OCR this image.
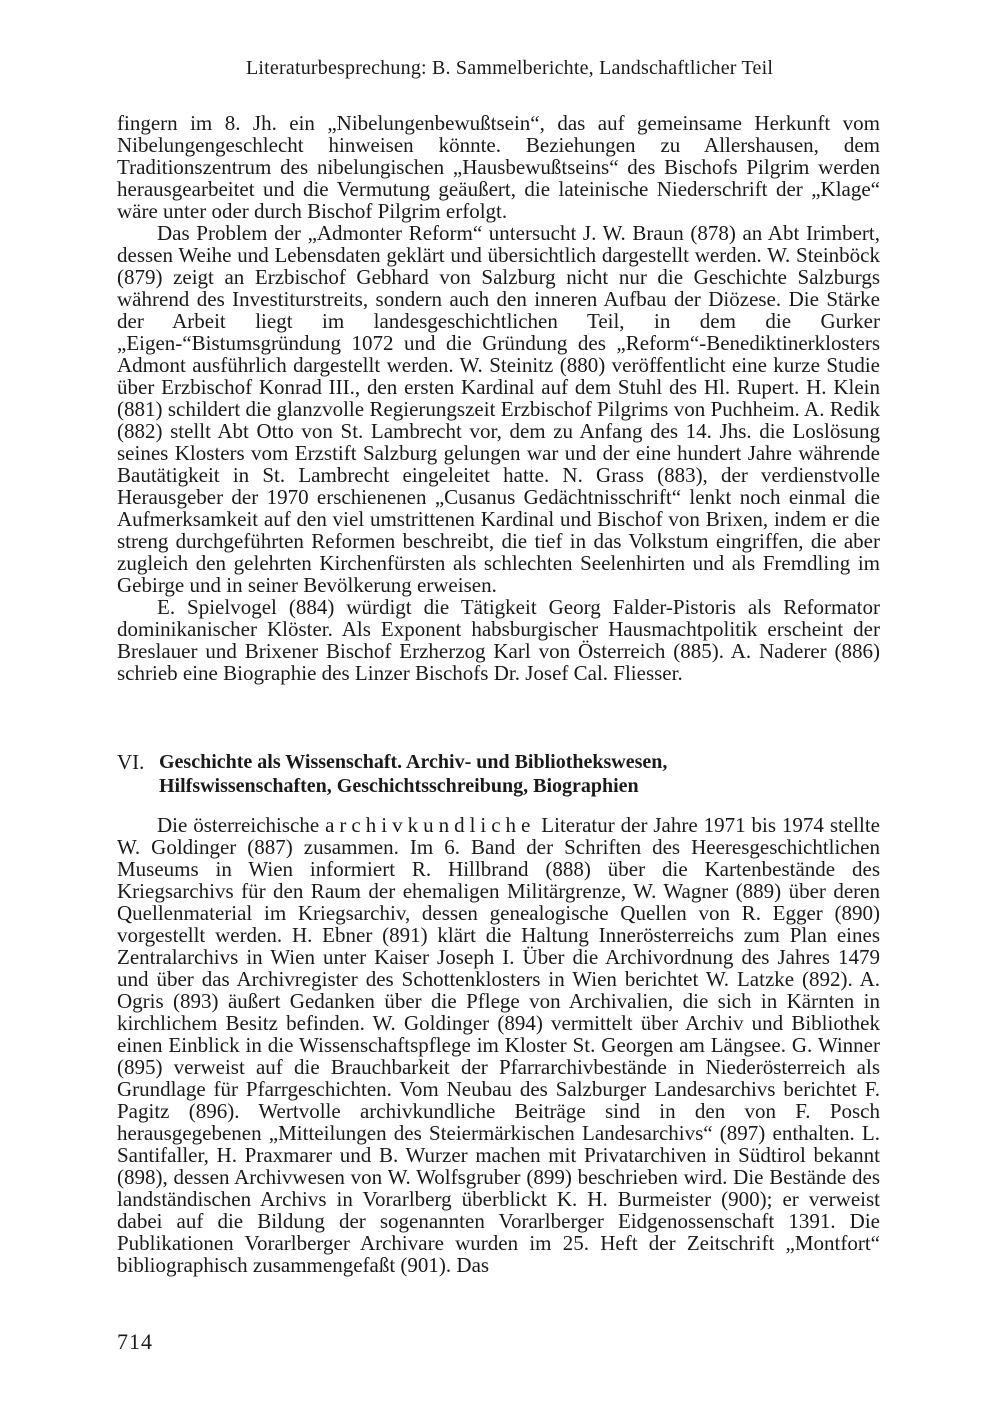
Literaturbesprechung: B. Sammelberichte, Landschaftlicher Teil

fingern im 8. Jh. ein „Nibelungenbewußtsein“, das auf gemeinsame Herkunft vom Nibelungengeschlecht hinweisen könnte. Beziehungen zu Allershausen, dem Traditionszentrum des nibelungischen „Hausbewußtseins“ des Bischofs Pilgrim werden herausgearbeitet und die Vermutung geäußert, die lateinische Niederschrift der „Klage“ wäre unter oder durch Bischof Pilgrim erfolgt.

Das Problem der „Admonter Reform“ untersucht J. W. Braun (878) an Abt Irimbert, dessen Weihe und Lebensdaten geklärt und übersichtlich dargestellt werden. W. Steinböck (879) zeigt an Erzbischof Gebhard von Salzburg nicht nur die Geschichte Salzburgs während des Investiturstreits, sondern auch den inneren Aufbau der Diözese. Die Stärke der Arbeit liegt im landesgeschichtlichen Teil, in dem die Gurker „Eigen-“Bistumsgründung 1072 und die Gründung des „Reform“-Benediktinerklosters Admont ausführlich dargestellt werden. W. Steinitz (880) veröffentlicht eine kurze Studie über Erzbischof Konrad III., den ersten Kardinal auf dem Stuhl des Hl. Rupert. H. Klein (881) schildert die glanzvolle Regierungszeit Erzbischof Pilgrims von Puchheim. A. Redik (882) stellt Abt Otto von St. Lambrecht vor, dem zu Anfang des 14. Jhs. die Loslösung seines Klosters vom Erzstift Salzburg gelungen war und der eine hundert Jahre währende Bautätigkeit in St. Lambrecht eingeleitet hatte. N. Grass (883), der verdienstvolle Herausgeber der 1970 erschienenen „Cusanus Gedächtnisschrift“ lenkt noch einmal die Aufmerksamkeit auf den viel umstrittenen Kardinal und Bischof von Brixen, indem er die streng durchgeführten Reformen beschreibt, die tief in das Volkstum eingriffen, die aber zugleich den gelehrten Kirchenfürsten als schlechten Seelenhirten und als Fremdling im Gebirge und in seiner Bevölkerung erweisen.

E. Spielvogel (884) würdigt die Tätigkeit Georg Falder-Pistoris als Reformator dominikanischer Klöster. Als Exponent habsburgischer Hausmachtpolitik erscheint der Breslauer und Brixener Bischof Erzherzog Karl von Österreich (885). A. Naderer (886) schrieb eine Biographie des Linzer Bischofs Dr. Josef Cal. Fliesser.

VI. Geschichte als Wissenschaft. Archiv- und Bibliothekswesen,
Hilfswissenschaften, Geschichtsschreibung, Biographien

Die österreichische archivkundliche Literatur der Jahre 1971 bis 1974 stellte W. Goldinger (887) zusammen. Im 6. Band der Schriften des Heeresgeschichtlichen Museums in Wien informiert R. Hillbrand (888) über die Kartenbestände des Kriegsarchivs für den Raum der ehemaligen Militärgrenze, W. Wagner (889) über deren Quellenmaterial im Kriegsarchiv, dessen genealogische Quellen von R. Egger (890) vorgestellt werden. H. Ebner (891) klärt die Haltung Innerösterreichs zum Plan eines Zentralarchivs in Wien unter Kaiser Joseph I. Über die Archivordnung des Jahres 1479 und über das Archivregister des Schottenklosters in Wien berichtet W. Latzke (892). A. Ogris (893) äußert Gedanken über die Pflege von Archivalien, die sich in Kärnten in kirchlichem Besitz befinden. W. Goldinger (894) vermittelt über Archiv und Bibliothek einen Einblick in die Wissenschaftspflege im Kloster St. Georgen am Längsee. G. Winner (895) verweist auf die Brauchbarkeit der Pfarrarchivbestände in Niederösterreich als Grundlage für Pfarrgeschichten. Vom Neubau des Salzburger Landesarchivs berichtet F. Pagitz (896). Wertvolle archivkundliche Beiträge sind in den von F. Posch herausgegebenen „Mitteilungen des Steiermärkischen Landesarchivs“ (897) enthalten. L. Santifaller, H. Praxmarer und B. Wurzer machen mit Privatarchiven in Südtirol bekannt (898), dessen Archivwesen von W. Wolfsgruber (899) beschrieben wird. Die Bestände des landständischen Archivs in Vorarlberg überblickt K. H. Burmeister (900); er verweist dabei auf die Bildung der sogenannten Vorarlberger Eidgenossenschaft 1391. Die Publikationen Vorarlberger Archivare wurden im 25. Heft der Zeitschrift „Montfort“ bibliographisch zusammengefaßt (901). Das

714
